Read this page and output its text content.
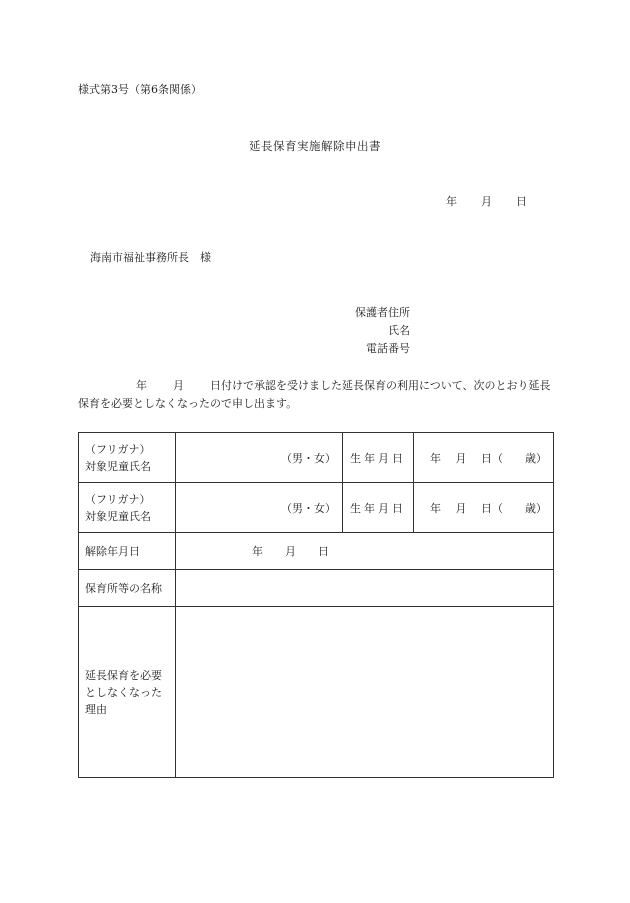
様式第3号（第6条関係）
延長保育実施解除申出書
年 月 日
海南市福祉事務所長　様
保護者住所
氏名
電話番号
年 月 日付けで承認を受けました延長保育の利用について、次のとおり延長保育を必要としなくなったので申し出ます。
（フリガナ）
対象児童氏名	（男・女）	生年月日	年　 月　 日（　　歳）

（フリガナ）
対象児童氏名	（男・女）	生年月日	年　 月　 日（　　歳）
解除年月日	年　　月　　日		
保育所等の名称			

延長保育を必要
としなくなった
理由			
